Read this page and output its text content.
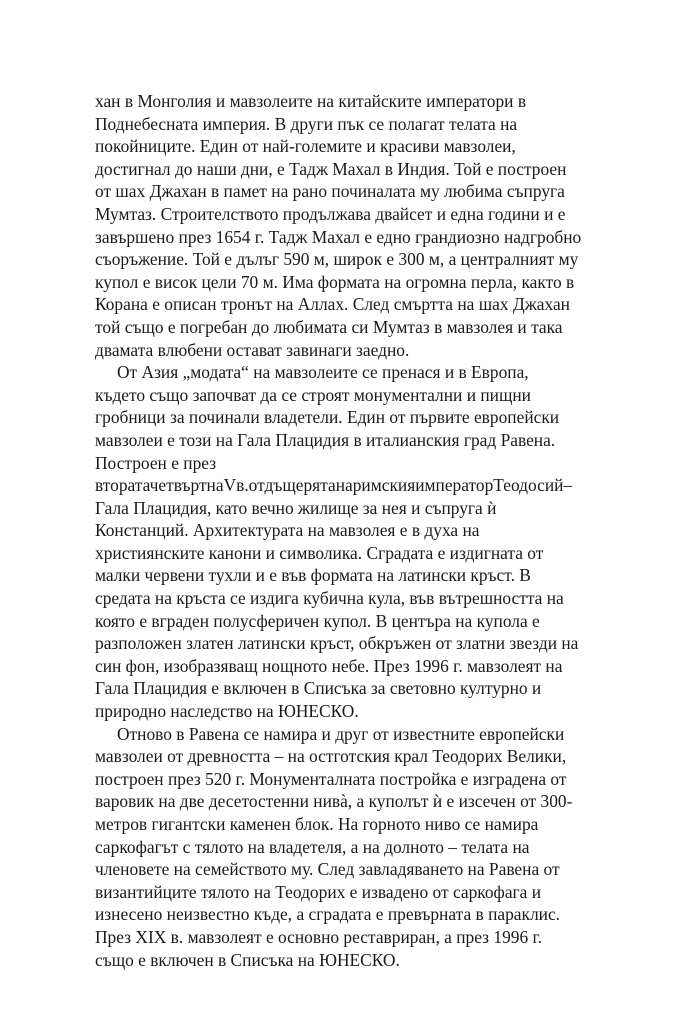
хан в Монголия и мавзолеите на китайските императори в
Поднебесната империя. В други пък се полагат телата на
покойниците. Един от най-големите и красиви мавзолеи,
достигнал до наши дни, е Тадж Махал в Индия. Той е построен
от шах Джахан в памет на рано починалата му любима съпруга
Мумтаз. Строителството продължава двайсет и една години и е
завършено през 1654 г. Тадж Махал е едно грандиозно надгробно
съоръжение. Той е дълъг 590 м, широк е 300 м, а централният му
купол е висок цели 70 м. Има формата на огромна перла, както в
Корана е описан тронът на Аллах. След смъртта на шах Джахан
той също е погребан до любимата си Мумтаз в мавзолея и така
двамата влюбени остават завинаги заедно.
От Азия „модата“ на мавзолеите се пренася и в Европа,
където също започват да се строят монументални и пищни
гробници за починали владетели. Един от първите европейски
мавзолеи е този на Гала Плацидия в италианския град Равена.
Построен е през
вторатачетвъртнаVв.отдъщерятанаримскияимператорТеодосий–
Гала Плацидия, като вечно жилище за нея и съпруга ѝ
Констанций. Архитектурата на мавзолея е в духа на
християнските канони и символика. Сградата е издигната от
малки червени тухли и е във формата на латински кръст. В
средата на кръста се издига кубична кула, във вътрешността на
която е вграден полусферичен купол. В центъра на купола е
разположен златен латински кръст, обкръжен от златни звезди на
син фон, изобразяващ нощното небе. През 1996 г. мавзолеят на
Гала Плацидия е включен в Списъка за световно културно и
природно наследство на ЮНЕСКО.
Отново в Равена се намира и друг от известните европейски
мавзолеи от древността – на остготския крал Теодорих Велики,
построен през 520 г. Монументалната постройка е изградена от
варовик на две десетостенни нивà, а куполът ѝ е изсечен от 300-
метров гигантски каменен блок. На горното ниво се намира
саркофагът с тялото на владетеля, а на долното – телата на
членовете на семейството му. След завладяването на Равена от
византийците тялото на Теодорих е извадено от саркофага и
изнесено неизвестно къде, а сградата е превърната в параклис.
През XIX в. мавзолеят е основно реставриран, а през 1996 г.
също е включен в Списъка на ЮНЕСКО.
